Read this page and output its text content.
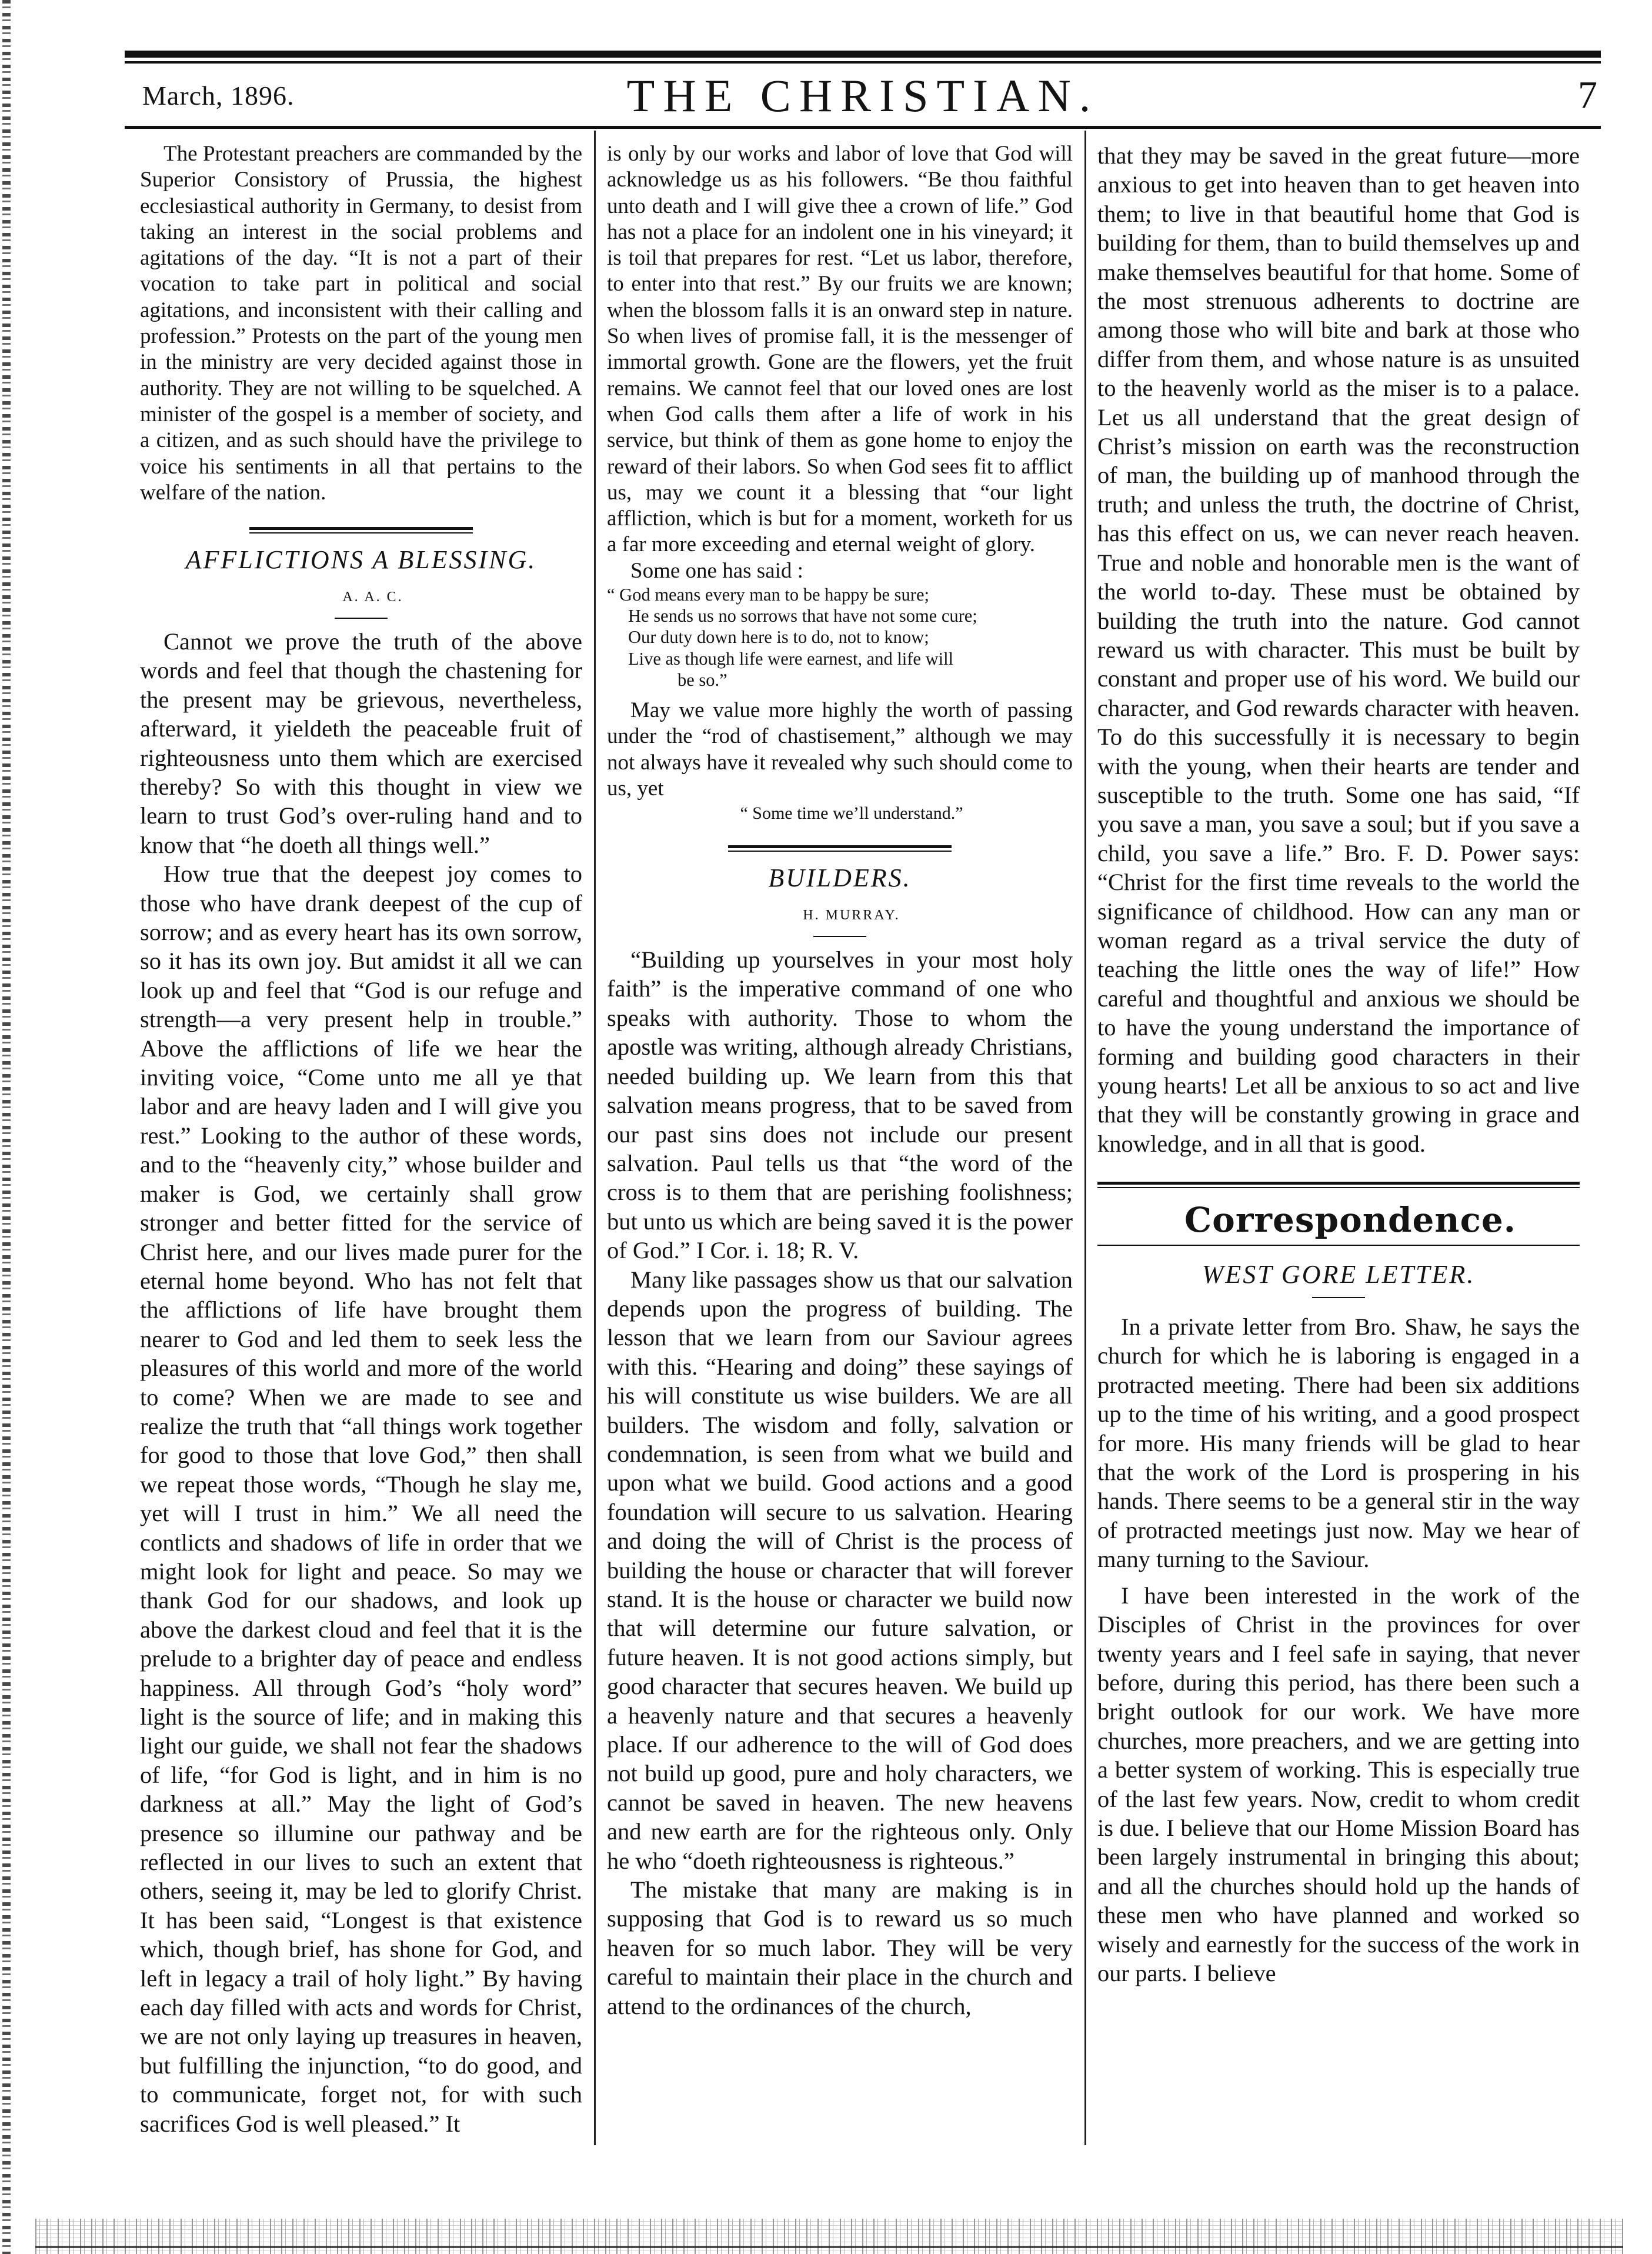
March, 1896.	THE CHRISTIAN.	7

The Protestant preachers are commanded by the Superior Consistory of Prussia, the highest ecclesiastical authority in Germany, to desist from taking an interest in the social problems and agitations of the day. “It is not a part of their vocation to take part in political and social agitations, and inconsistent with their calling and profession.” Protests on the part of the young men in the ministry are very decided against those in authority. They are not willing to be squelched. A minister of the gospel is a member of society, and a citizen, and as such should have the privilege to voice his sentiments in all that pertains to the welfare of the nation.

AFFLICTIONS A BLESSING.

A. A. C.

Cannot we prove the truth of the above words and feel that though the chastening for the present may be grievous, nevertheless, afterward, it yieldeth the peaceable fruit of righteousness unto them which are exercised thereby? So with this thought in view we learn to trust God’s over-ruling hand and to know that “he doeth all things well.”

How true that the deepest joy comes to those who have drank deepest of the cup of sorrow; and as every heart has its own sorrow, so it has its own joy. But amidst it all we can look up and feel that “God is our refuge and strength—a very present help in trouble.” Above the afflictions of life we hear the inviting voice, “Come unto me all ye that labor and are heavy laden and I will give you rest.” Looking to the author of these words, and to the “heavenly city,” whose builder and maker is God, we certainly shall grow stronger and better fitted for the service of Christ here, and our lives made purer for the eternal home beyond. Who has not felt that the afflictions of life have brought them nearer to God and led them to seek less the pleasures of this world and more of the world to come? When we are made to see and realize the truth that “all things work together for good to those that love God,” then shall we repeat those words, “Though he slay me, yet will I trust in him.” We all need the contlicts and shadows of life in order that we might look for light and peace. So may we thank God for our shadows, and look up above the darkest cloud and feel that it is the prelude to a brighter day of peace and endless happiness. All through God’s “holy word” light is the source of life; and in making this light our guide, we shall not fear the shadows of life, “for God is light, and in him is no darkness at all.” May the light of God’s presence so illumine our pathway and be reflected in our lives to such an extent that others, seeing it, may be led to glorify Christ. It has been said, “Longest is that existence which, though brief, has shone for God, and left in legacy a trail of holy light.” By having each day filled with acts and words for Christ, we are not only laying up treasures in heaven, but fulfilling the injunction, “to do good, and to communicate, forget not, for with such sacrifices God is well pleased.” It

is only by our works and labor of love that God will acknowledge us as his followers. “Be thou faithful unto death and I will give thee a crown of life.” God has not a place for an indolent one in his vineyard; it is toil that prepares for rest. “Let us labor, therefore, to enter into that rest.” By our fruits we are known; when the blossom falls it is an onward step in nature. So when lives of promise fall, it is the messenger of immortal growth. Gone are the flowers, yet the fruit remains. We cannot feel that our loved ones are lost when God calls them after a life of work in his service, but think of them as gone home to enjoy the reward of their labors. So when God sees fit to afflict us, may we count it a blessing that “our light affliction, which is but for a moment, worketh for us a far more exceeding and eternal weight of glory.

Some one has said :

“ God means every man to be happy be sure;
He sends us no sorrows that have not some cure;
Our duty down here is to do, not to know;
Live as though life were earnest, and life will
be so.”

May we value more highly the worth of passing under the “rod of chastisement,” although we may not always have it revealed why such should come to us, yet

“ Some time we’ll understand.”

BUILDERS.

H. MURRAY.

“Building up yourselves in your most holy faith” is the imperative command of one who speaks with authority. Those to whom the apostle was writing, although already Christians, needed building up. We learn from this that salvation means progress, that to be saved from our past sins does not include our present salvation. Paul tells us that “the word of the cross is to them that are perishing foolishness; but unto us which are being saved it is the power of God.” I Cor. i. 18; R. V.

Many like passages show us that our salvation depends upon the progress of building. The lesson that we learn from our Saviour agrees with this. “Hearing and doing” these sayings of his will constitute us wise builders. We are all builders. The wisdom and folly, salvation or condemnation, is seen from what we build and upon what we build. Good actions and a good foundation will secure to us salvation. Hearing and doing the will of Christ is the process of building the house or character that will forever stand. It is the house or character we build now that will determine our future salvation, or future heaven. It is not good actions simply, but good character that secures heaven. We build up a heavenly nature and that secures a heavenly place. If our adherence to the will of God does not build up good, pure and holy characters, we cannot be saved in heaven. The new heavens and new earth are for the righteous only. Only he who “doeth righteousness is righteous.”

The mistake that many are making is in supposing that God is to reward us so much heaven for so much labor. They will be very careful to maintain their place in the church and attend to the ordinances of the church,

that they may be saved in the great future—more anxious to get into heaven than to get heaven into them; to live in that beautiful home that God is building for them, than to build themselves up and make themselves beautiful for that home. Some of the most strenuous adherents to doctrine are among those who will bite and bark at those who differ from them, and whose nature is as unsuited to the heavenly world as the miser is to a palace. Let us all understand that the great design of Christ’s mission on earth was the reconstruction of man, the building up of manhood through the truth; and unless the truth, the doctrine of Christ, has this effect on us, we can never reach heaven. True and noble and honorable men is the want of the world to-day. These must be obtained by building the truth into the nature. God cannot reward us with character. This must be built by constant and proper use of his word. We build our character, and God rewards character with heaven. To do this successfully it is necessary to begin with the young, when their hearts are tender and susceptible to the truth. Some one has said, “If you save a man, you save a soul; but if you save a child, you save a life.” Bro. F. D. Power says: “Christ for the first time reveals to the world the significance of childhood. How can any man or woman regard as a trival service the duty of teaching the little ones the way of life!” How careful and thoughtful and anxious we should be to have the young understand the importance of forming and building good characters in their young hearts! Let all be anxious to so act and live that they will be constantly growing in grace and knowledge, and in all that is good.

Correspondence.

WEST GORE LETTER.

In a private letter from Bro. Shaw, he says the church for which he is laboring is engaged in a protracted meeting. There had been six additions up to the time of his writing, and a good prospect for more. His many friends will be glad to hear that the work of the Lord is prospering in his hands. There seems to be a general stir in the way of protracted meetings just now. May we hear of many turning to the Saviour.

I have been interested in the work of the Disciples of Christ in the provinces for over twenty years and I feel safe in saying, that never before, during this period, has there been such a bright outlook for our work. We have more churches, more preachers, and we are getting into a better system of working. This is especially true of the last few years. Now, credit to whom credit is due. I believe that our Home Mission Board has been largely instrumental in bringing this about; and all the churches should hold up the hands of these men who have planned and worked so wisely and earnestly for the success of the work in our parts. I believe
